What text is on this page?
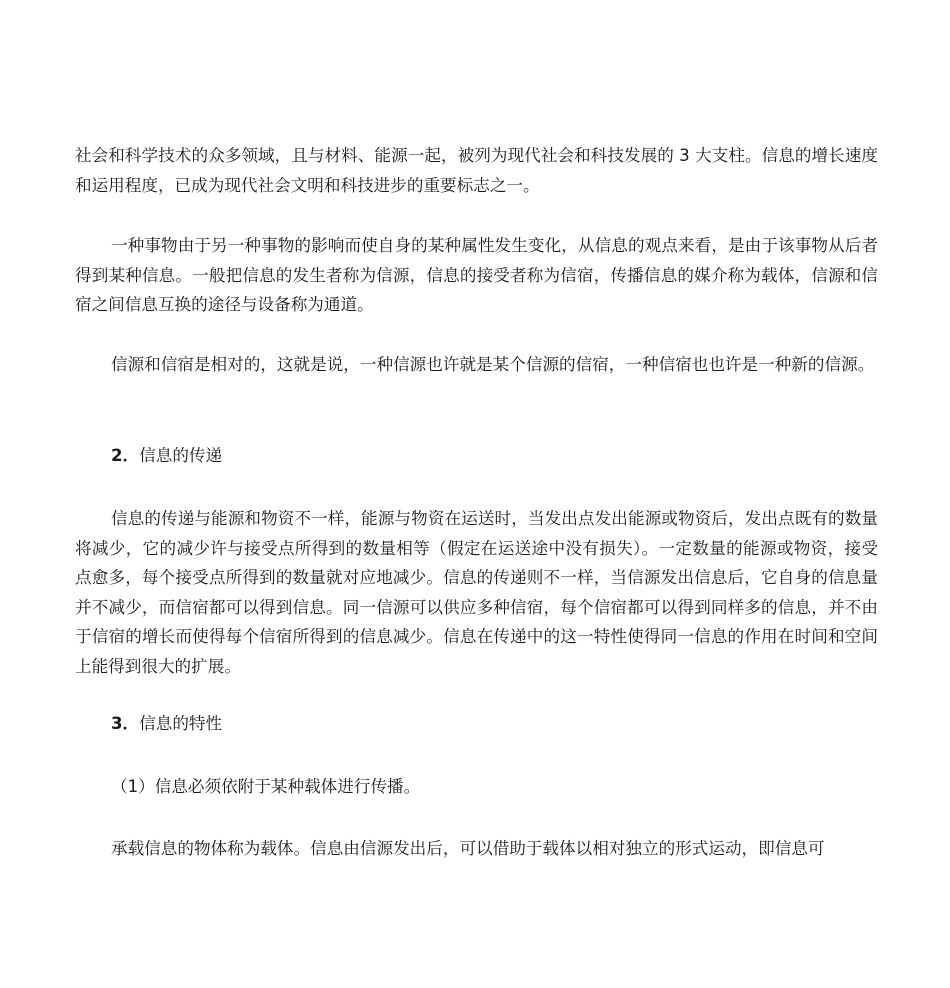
社会和科学技术的众多领域，且与材料、能源一起，被列为现代社会和科技发展的 3 大支柱。信息的增长速度和运用程度，已成为现代社会文明和科技进步的重要标志之一。

一种事物由于另一种事物的影响而使自身的某种属性发生变化，从信息的观点来看，是由于该事物从后者得到某种信息。一般把信息的发生者称为信源，信息的接受者称为信宿，传播信息的媒介称为载体，信源和信宿之间信息互换的途径与设备称为通道。

信源和信宿是相对的，这就是说，一种信源也许就是某个信源的信宿，一种信宿也也许是一种新的信源。

2．信息的传递

信息的传递与能源和物资不一样，能源与物资在运送时，当发出点发出能源或物资后，发出点既有的数量将减少，它的减少许与接受点所得到的数量相等（假定在运送途中没有损失）。一定数量的能源或物资，接受点愈多，每个接受点所得到的数量就对应地减少。信息的传递则不一样，当信源发出信息后，它自身的信息量并不减少，而信宿都可以得到信息。同一信源可以供应多种信宿，每个信宿都可以得到同样多的信息，并不由于信宿的增长而使得每个信宿所得到的信息减少。信息在传递中的这一特性使得同一信息的作用在时间和空间上能得到很大的扩展。

3．信息的特性

（1）信息必须依附于某种载体进行传播。

承载信息的物体称为载体。信息由信源发出后，可以借助于载体以相对独立的形式运动，即信息可
